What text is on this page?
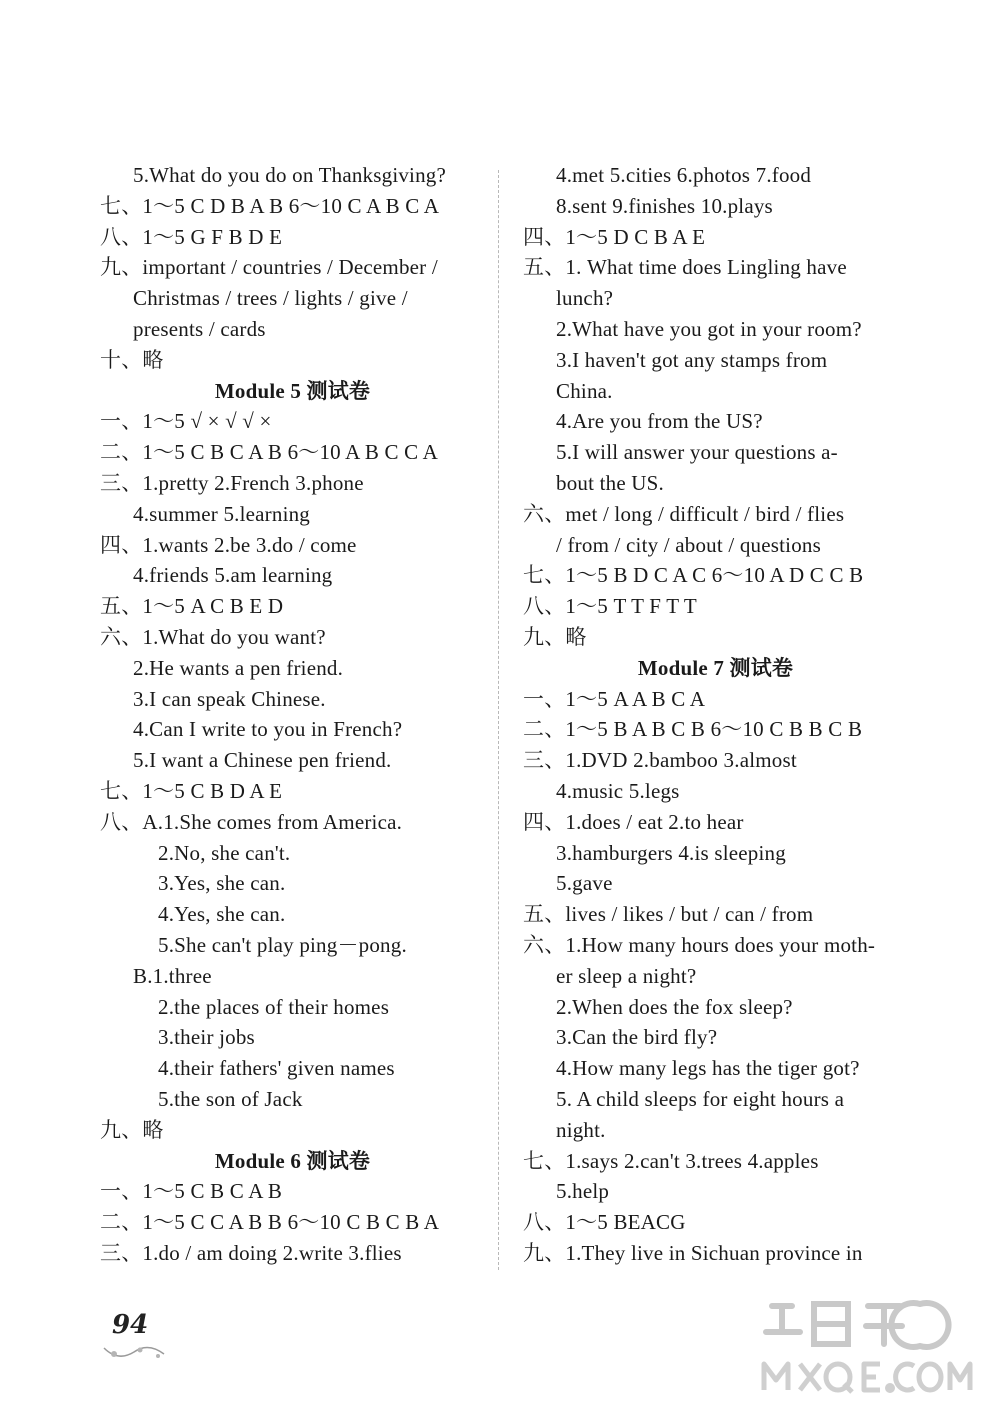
5.What do you do on Thanksgiving?
七、1～5 C D B A B 6～10 C A B C A
八、1～5 G F B D E
九、important / countries / December /
Christmas / trees / lights / give /
presents / cards
十、略
Module 5 测试卷
一、1～5 √ × √ √ ×
二、1～5 C B C A B 6～10 A B C C A
三、1.pretty 2.French 3.phone
4.summer 5.learning
四、1.wants 2.be 3.do / come
4.friends 5.am learning
五、1～5 A C B E D
六、1.What do you want?
2.He wants a pen friend.
3.I can speak Chinese.
4.Can I write to you in French?
5.I want a Chinese pen friend.
七、1～5 C B D A E
八、A.1.She comes from America.
2.No, she can't.
3.Yes, she can.
4.Yes, she can.
5.She can't play ping－pong.
B.1.three
2.the places of their homes
3.their jobs
4.their fathers' given names
5.the son of Jack
九、略
Module 6 测试卷
一、1～5 C B C A B
二、1～5 C C A B B 6～10 C B C B A
三、1.do / am doing 2.write 3.flies
4.met 5.cities 6.photos 7.food
8.sent 9.finishes 10.plays
四、1～5 D C B A E
五、1. What time does Lingling have
lunch?
2.What have you got in your room?
3.I haven't got any stamps from
China.
4.Are you from the US?
5.I will answer your questions a-
bout the US.
六、met / long / difficult / bird / flies
/ from / city / about / questions
七、1～5 B D C A C 6～10 A D C C B
八、1～5 T T F T T
九、略
Module 7 测试卷
一、1～5 A A B C A
二、1～5 B A B C B 6～10 C B B C B
三、1.DVD 2.bamboo 3.almost
4.music 5.legs
四、1.does / eat 2.to hear
3.hamburgers 4.is sleeping
5.gave
五、lives / likes / but / can / from
六、1.How many hours does your moth-
er sleep a night?
2.When does the fox sleep?
3.Can the bird fly?
4.How many legs has the tiger got?
5. A child sleeps for eight hours a
night.
七、1.says 2.can't 3.trees 4.apples
5.help
八、1～5 BEACG
九、1.They live in Sichuan province in
94
